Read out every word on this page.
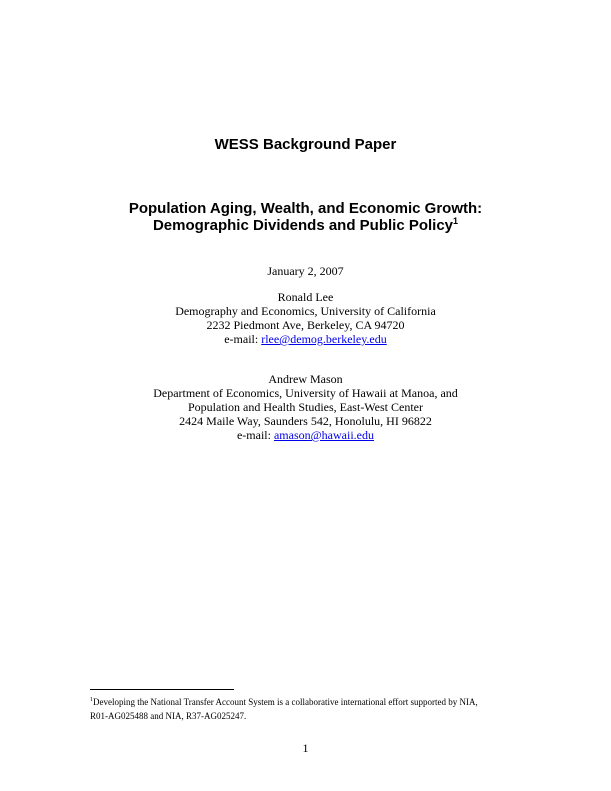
WESS Background Paper
Population Aging, Wealth, and Economic Growth:
Demographic Dividends and Public Policy$^1$
January 2, 2007
Ronald Lee
Demography and Economics, University of California
2232 Piedmont Ave, Berkeley, CA 94720
e-mail: rlee@demog.berkeley.edu
Andrew Mason
Department of Economics, University of Hawaii at Manoa, and
Population and Health Studies, East-West Center
2424 Maile Way, Saunders 542, Honolulu, HI 96822
e-mail: amason@hawaii.edu
$^1$Developing the National Transfer Account System is a collaborative international effort supported by NIA,
R01-AG025488 and NIA, R37-AG025247.
1
